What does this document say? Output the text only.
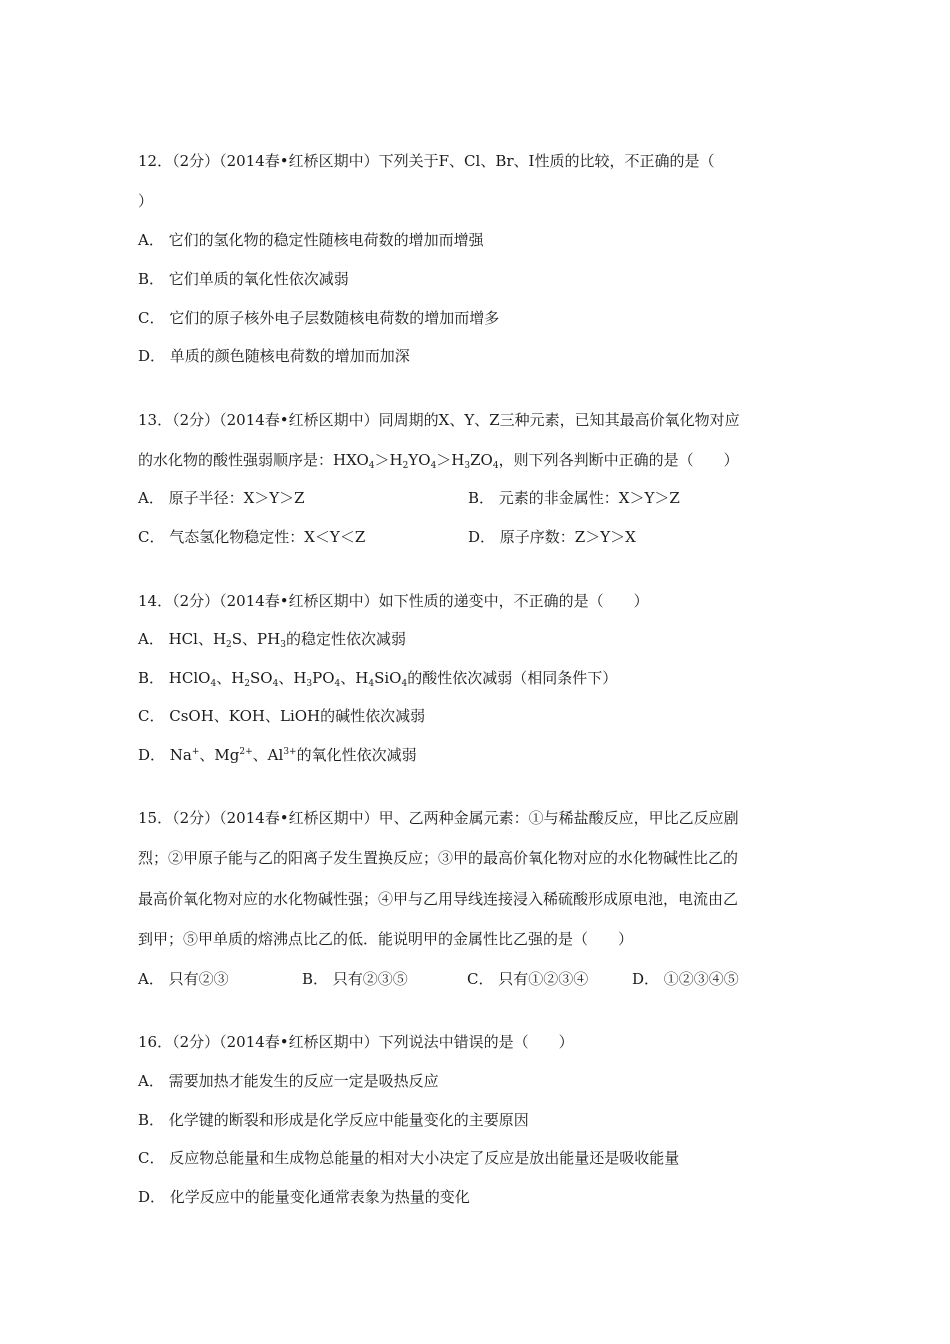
12．（2分）（2014春•红桥区期中）下列关于F、Cl、Br、I性质的比较，不正确的是（
）
A． 它们的氢化物的稳定性随核电荷数的增加而增强
B． 它们单质的氧化性依次减弱
C． 它们的原子核外电子层数随核电荷数的增加而增多
D． 单质的颜色随核电荷数的增加而加深
13．（2分）（2014春•红桥区期中）同周期的X、Y、Z三种元素，已知其最高价氧化物对应
的水化物的酸性强弱顺序是：$HXO_4>H_2YO_4>H_3ZO_4$，则下列各判断中正确的是（　　）
A． 原子半径：X＞Y＞Z	B． 元素的非金属性：X＞Y＞Z
C． 气态氢化物稳定性：X＜Y＜Z	D． 原子序数：Z＞Y＞X
14．（2分）（2014春•红桥区期中）如下性质的递变中，不正确的是（　　）
A． HCl、$H_2S$、$PH_3$的稳定性依次减弱
B． HClO$_4$、$H_2SO_4$、$H_3PO_4$、$H_4SiO_4$的酸性依次减弱（相同条件下）
C． CsOH、KOH、LiOH的碱性依次减弱
D． Na+、$Mg^{2+}$、$Al^{3+}$的氧化性依次减弱
15．（2分）（2014春•红桥区期中）甲、乙两种金属元素：①与稀盐酸反应，甲比乙反应剧
烈；②甲原子能与乙的阳离子发生置换反应；③甲的最高价氧化物对应的水化物碱性比乙的
最高价氧化物对应的水化物碱性强；④甲与乙用导线连接浸入稀硫酸形成原电池，电流由乙
到甲；⑤甲单质的熔沸点比乙的低．能说明甲的金属性比乙强的是（　　）
A． 只有②③	B． 只有②③⑤	C． 只有①②③④	D． ①②③④⑤
16．（2分）（2014春•红桥区期中）下列说法中错误的是（　　）
A． 需要加热才能发生的反应一定是吸热反应
B． 化学键的断裂和形成是化学反应中能量变化的主要原因
C． 反应物总能量和生成物总能量的相对大小决定了反应是放出能量还是吸收能量
D． 化学反应中的能量变化通常表象为热量的变化
